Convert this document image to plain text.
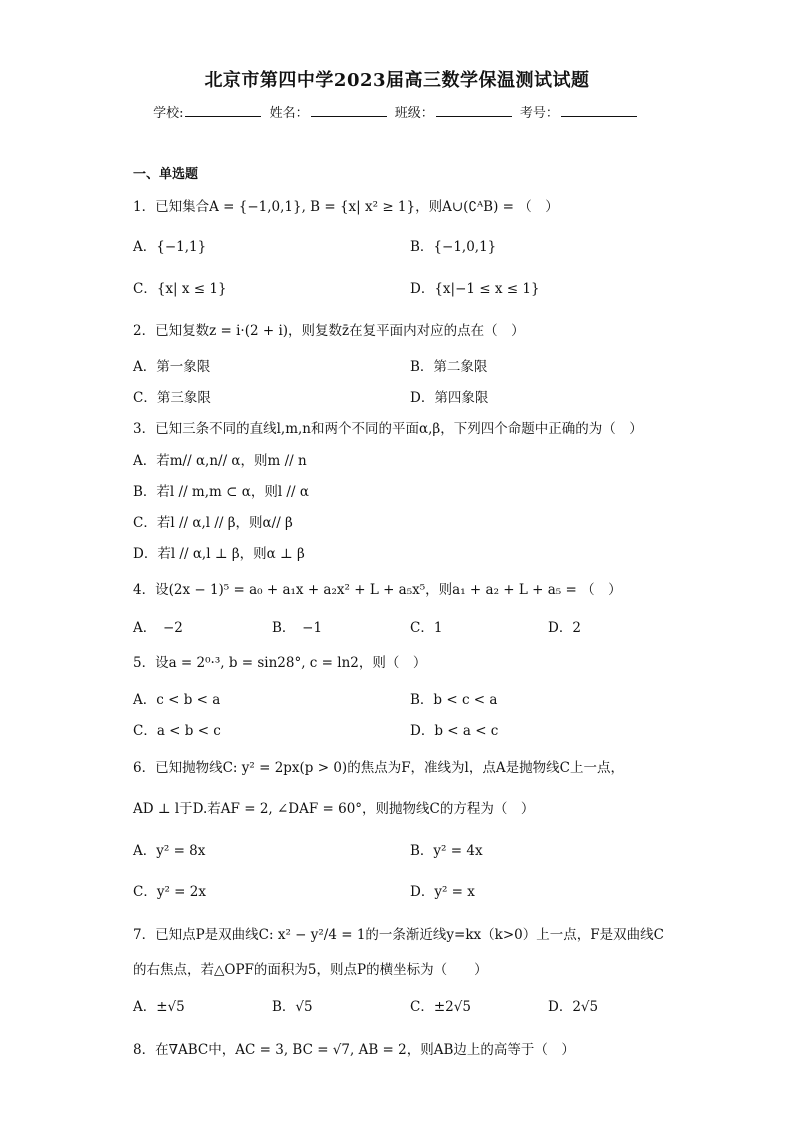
北京市第四中学2023届高三数学保温测试试题
学校:	姓名：	班级：	考号：
一、单选题
1．已知集合A = {−1,0,1}, B = {x| x² ≥ 1}，则A∪(∁ᴬB) = （　）
A．{−1,1}	B．{−1,0,1}
C．{x| x ≤ 1}	D．{x|−1 ≤ x ≤ 1}
2．已知复数z = i·(2 + i)，则复数z̄在复平面内对应的点在（　）
A．第一象限	B．第二象限
C．第三象限	D．第四象限
3．已知三条不同的直线l,m,n和两个不同的平面α,β，下列四个命题中正确的为（　）
A．若m// α,n// α，则m // n
B．若l // m,m ⊂ α，则l // α
C．若l // α,l // β，则α// β
D．若l // α,l ⊥ β，则α ⊥ β
4．设(2x − 1)⁵ = a₀ + a₁x + a₂x² + L + a₅x⁵，则a₁ + a₂ + L + a₅ = （　）
A．　−2	B．　−1	C．1	D．2
5．设a = 2⁰·³, b = sin28°, c = ln2，则（　）
A．c < b < a	B．b < c < a
C．a < b < c	D．b < a < c
6．已知抛物线C: y² = 2px(p > 0)的焦点为F，准线为l，点A是抛物线C上一点，
AD ⊥ l于D.若AF = 2, ∠DAF = 60°，则抛物线C的方程为（　）
A．y² = 8x	B．y² = 4x
C．y² = 2x	D．y² = x
7．已知点P是双曲线C: x² − y²/4 = 1的一条渐近线y=kx（k>0）上一点，F是双曲线C
的右焦点，若△OPF的面积为5，则点P的横坐标为（　　）
A．±√5	B．√5	C．±2√5	D．2√5
8．在∇ABC中，AC = 3, BC = √7, AB = 2，则AB边上的高等于（　）
